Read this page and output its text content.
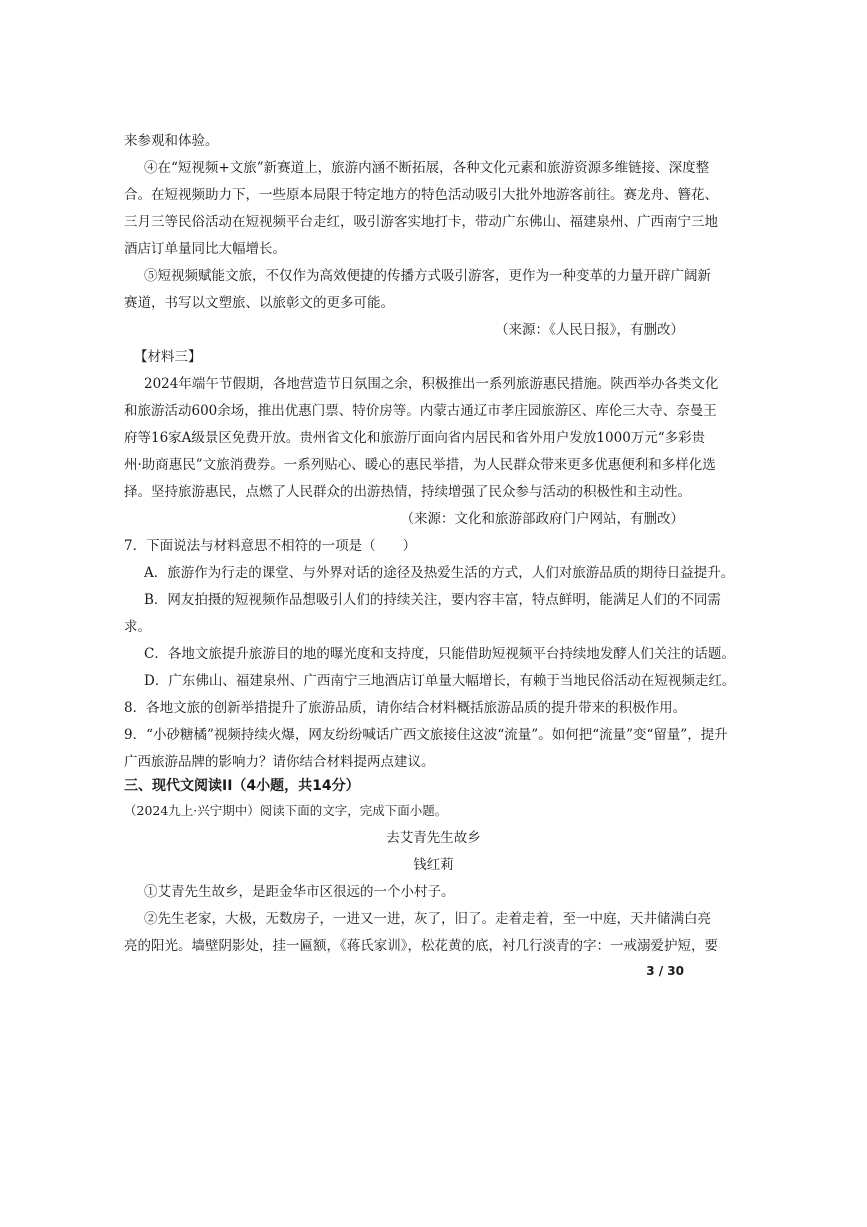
来参观和体验。
④在“短视频+文旅”新赛道上，旅游内涵不断拓展，各种文化元素和旅游资源多维链接、深度整
合。在短视频助力下，一些原本局限于特定地方的特色活动吸引大批外地游客前往。赛龙舟、簪花、
三月三等民俗活动在短视频平台走红，吸引游客实地打卡，带动广东佛山、福建泉州、广西南宁三地
酒店订单量同比大幅增长。
⑤短视频赋能文旅，不仅作为高效便捷的传播方式吸引游客，更作为一种变革的力量开辟广阔新
赛道，书写以文塑旅、以旅彰文的更多可能。
（来源：《人民日报》，有删改）
【材料三】
2024年端午节假期，各地营造节日氛围之余，积极推出一系列旅游惠民措施。陕西举办各类文化
和旅游活动600余场，推出优惠门票、特价房等。内蒙古通辽市孝庄园旅游区、库伦三大寺、奈曼王
府等16家A级景区免费开放。贵州省文化和旅游厅面向省内居民和省外用户发放1000万元“多彩贵
州·助商惠民”文旅消费券。一系列贴心、暖心的惠民举措，为人民群众带来更多优惠便利和多样化选
择。坚持旅游惠民，点燃了人民群众的出游热情，持续增强了民众参与活动的积极性和主动性。
（来源：文化和旅游部政府门户网站，有删改）
7．下面说法与材料意思不相符的一项是（　　）
A．旅游作为行走的课堂、与外界对话的途径及热爱生活的方式，人们对旅游品质的期待日益提升。
B．网友拍摄的短视频作品想吸引人们的持续关注，要内容丰富，特点鲜明，能满足人们的不同需
求。
C．各地文旅提升旅游目的地的曝光度和支持度，只能借助短视频平台持续地发酵人们关注的话题。
D．广东佛山、福建泉州、广西南宁三地酒店订单量大幅增长，有赖于当地民俗活动在短视频走红。
8．各地文旅的创新举措提升了旅游品质，请你结合材料概括旅游品质的提升带来的积极作用。
9．“小砂糖橘”视频持续火爆，网友纷纷喊话广西文旅接住这波“流量”。如何把“流量”变“留量”，提升
广西旅游品牌的影响力？请你结合材料提两点建议。
三、现代文阅读II（4小题，共14分）
（2024九上·兴宁期中）阅读下面的文字，完成下面小题。
去艾青先生故乡
钱红莉
①艾青先生故乡，是距金华市区很远的一个小村子。
②先生老家，大极，无数房子，一进又一进，灰了，旧了。走着走着，至一中庭，天井储满白亮
亮的阳光。墙壁阴影处，挂一匾额，《蒋氏家训》，松花黄的底，衬几行淡青的字：一戒溺爱护短，要
3 / 30
